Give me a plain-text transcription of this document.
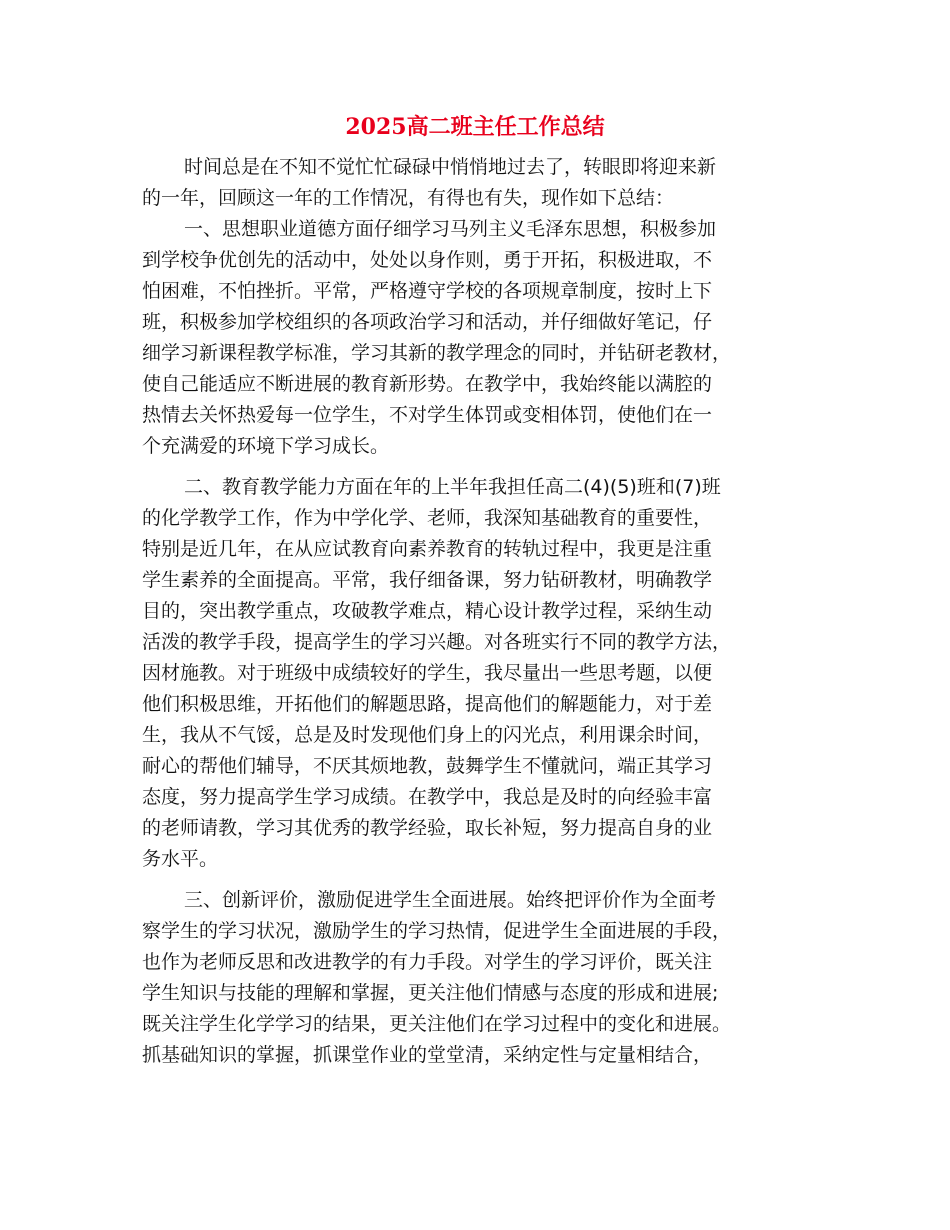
2025高二班主任工作总结
时间总是在不知不觉忙忙碌碌中悄悄地过去了，转眼即将迎来新
的一年，回顾这一年的工作情况，有得也有失，现作如下总结：
一、思想职业道德方面仔细学习马列主义毛泽东思想，积极参加
到学校争优创先的活动中，处处以身作则，勇于开拓，积极进取，不
怕困难，不怕挫折。平常，严格遵守学校的各项规章制度，按时上下
班，积极参加学校组织的各项政治学习和活动，并仔细做好笔记，仔
细学习新课程教学标准，学习其新的教学理念的同时，并钻研老教材，
使自己能适应不断进展的教育新形势。在教学中，我始终能以满腔的
热情去关怀热爱每一位学生，不对学生体罚或变相体罚，使他们在一
个充满爱的环境下学习成长。
二、教育教学能力方面在年的上半年我担任高二(4)(5)班和(7)班
的化学教学工作，作为中学化学、老师，我深知基础教育的重要性，
特别是近几年，在从应试教育向素养教育的转轨过程中，我更是注重
学生素养的全面提高。平常，我仔细备课，努力钻研教材，明确教学
目的，突出教学重点，攻破教学难点，精心设计教学过程，采纳生动
活泼的教学手段，提高学生的学习兴趣。对各班实行不同的教学方法，
因材施教。对于班级中成绩较好的学生，我尽量出一些思考题，以便
他们积极思维，开拓他们的解题思路，提高他们的解题能力，对于差
生，我从不气馁，总是及时发现他们身上的闪光点，利用课余时间，
耐心的帮他们辅导，不厌其烦地教，鼓舞学生不懂就问，端正其学习
态度，努力提高学生学习成绩。在教学中，我总是及时的向经验丰富
的老师请教，学习其优秀的教学经验，取长补短，努力提高自身的业
务水平。
三、创新评价，激励促进学生全面进展。始终把评价作为全面考
察学生的学习状况，激励学生的学习热情，促进学生全面进展的手段，
也作为老师反思和改进教学的有力手段。对学生的学习评价，既关注
学生知识与技能的理解和掌握，更关注他们情感与态度的形成和进展;
既关注学生化学学习的结果，更关注他们在学习过程中的变化和进展。
抓基础知识的掌握，抓课堂作业的堂堂清，采纳定性与定量相结合，
